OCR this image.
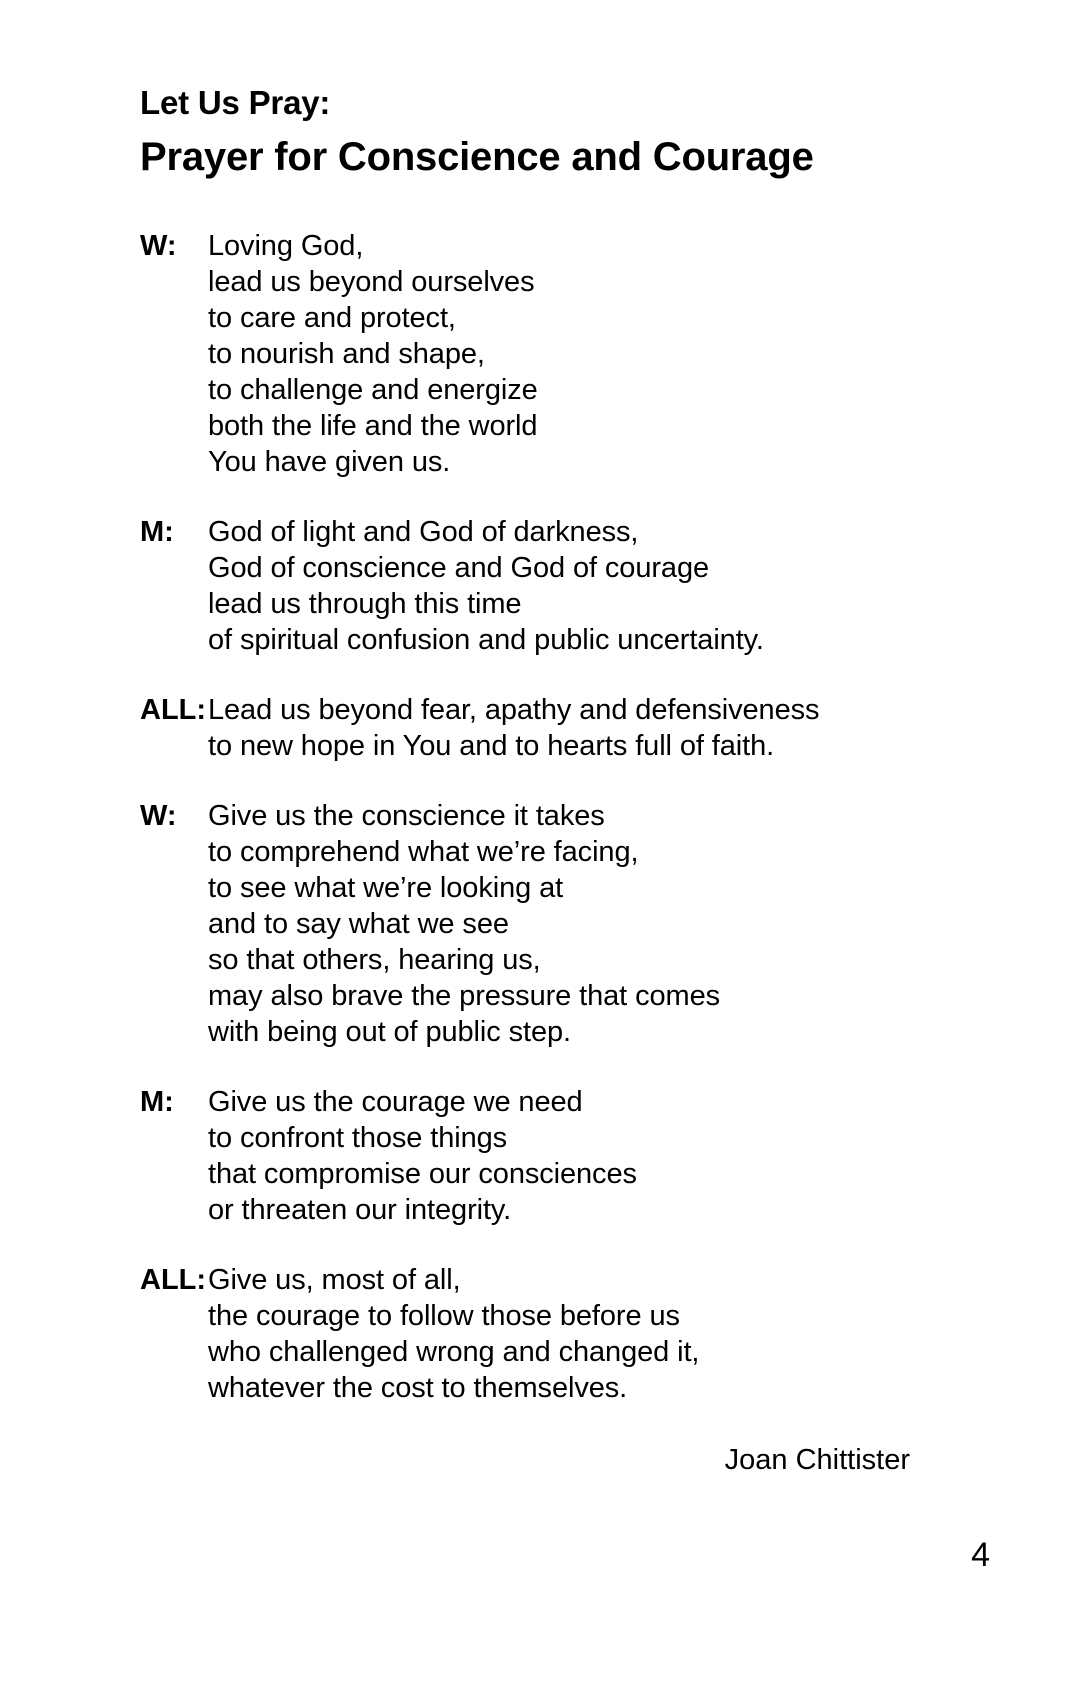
Let Us Pray:
Prayer for Conscience and Courage
W:	Loving God,
lead us beyond ourselves
to care and protect,
to nourish and shape,
to challenge and energize
both the life and the world
You have given us.
M:	God of light and God of darkness,
God of conscience and God of courage
lead us through this time
of spiritual confusion and public uncertainty.
ALL: Lead us beyond fear, apathy and defensiveness
to new hope in You and to hearts full of faith.
W:	Give us the conscience it takes
to comprehend what we’re facing,
to see what we’re looking at
and to say what we see
so that others, hearing us,
may also brave the pressure that comes
with being out of public step.
M:	Give us the courage we need
to confront those things
that compromise our consciences
or threaten our integrity.
ALL: Give us, most of all,
the courage to follow those before us
who challenged wrong and changed it,
whatever the cost to themselves.
Joan Chittister
4
